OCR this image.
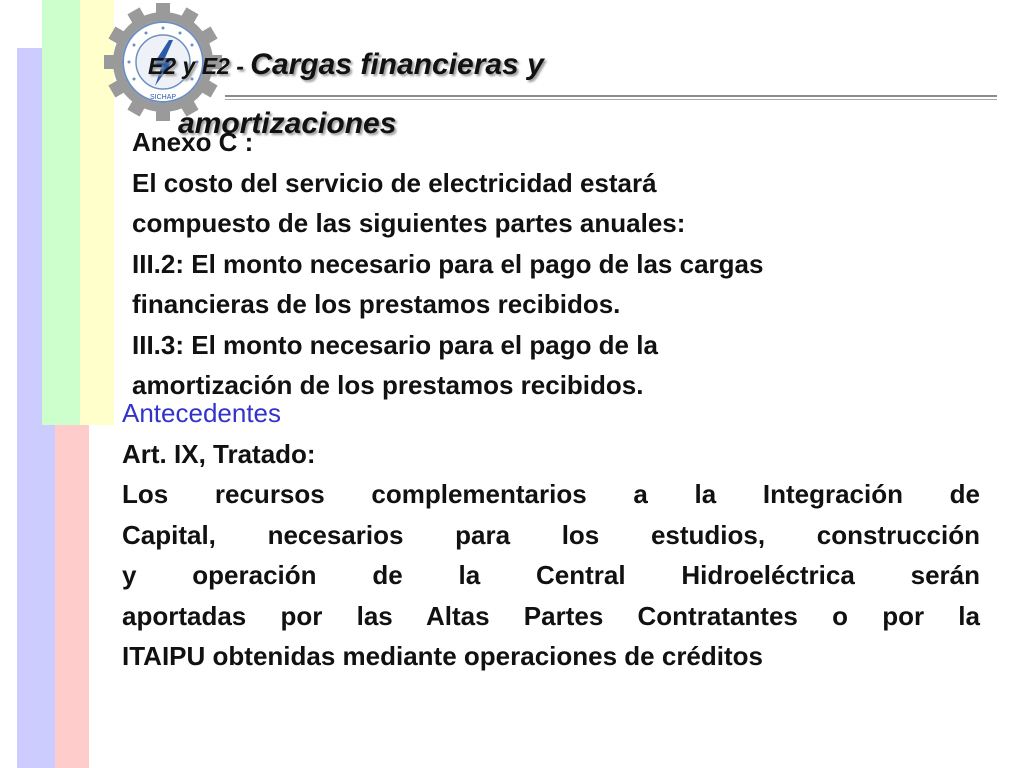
SICHAP
E2 y E2 - Cargas financieras y
amortizaciones
Anexo C :
El costo del servicio de electricidad estará
compuesto de las siguientes partes anuales:
III.2: El monto necesario para el pago de las cargas
financieras de los prestamos recibidos.
III.3: El monto necesario para el pago de la
amortización de los prestamos recibidos.
Antecedentes
Art. IX, Tratado:
Los recursos complementarios a la Integración de
Capital, necesarios para los estudios, construcción
y operación de la Central Hidroeléctrica serán
aportadas por las Altas Partes Contratantes o por la
ITAIPU obtenidas mediante operaciones de créditos
